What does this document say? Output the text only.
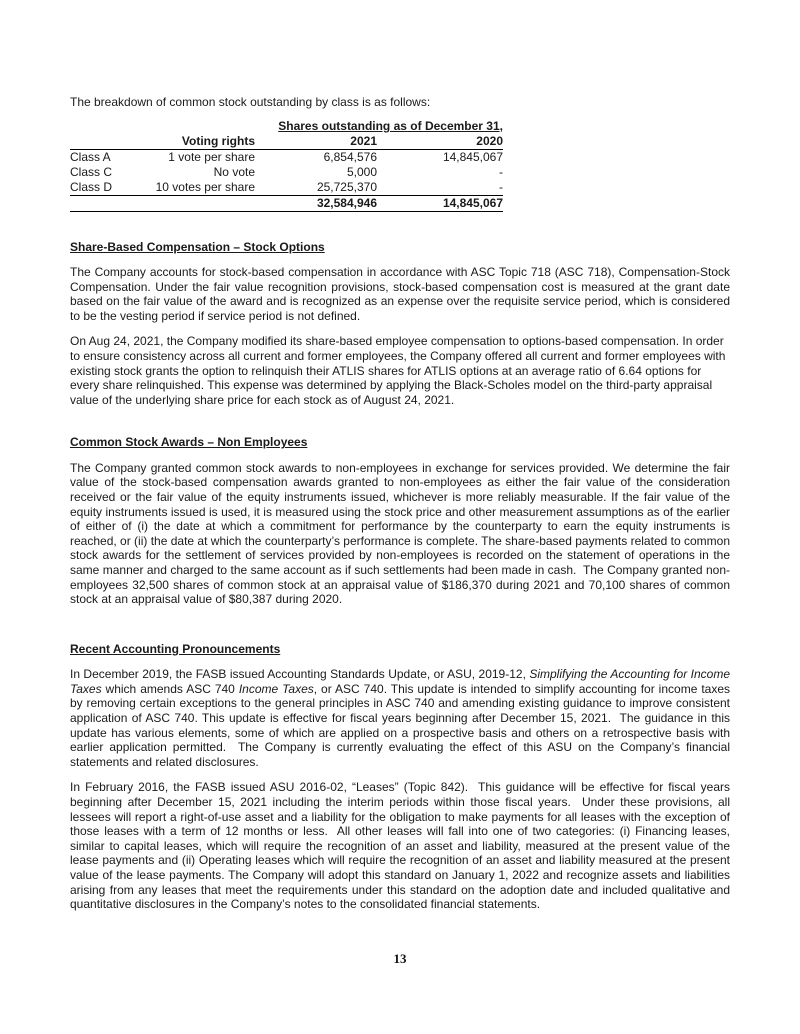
The breakdown of common stock outstanding by class is as follows:

		Shares outstanding as of December 31,	
	Voting rights	2021	2020
Class A	1 vote per share	6,854,576	14,845,067
Class C	No vote	5,000	-
Class D	10 votes per share	25,725,370	-
		32,584,946	14,845,067
Share-Based Compensation – Stock Options

The Company accounts for stock-based compensation in accordance with ASC Topic 718 (ASC 718), Compensation-Stock Compensation. Under the fair value recognition provisions, stock-based compensation cost is measured at the grant date based on the fair value of the award and is recognized as an expense over the requisite service period, which is considered to be the vesting period if service period is not defined.

On Aug 24, 2021, the Company modified its share-based employee compensation to options-based compensation. In order to ensure consistency across all current and former employees, the Company offered all current and former employees with existing stock grants the option to relinquish their ATLIS shares for ATLIS options at an average ratio of 6.64 options for every share relinquished. This expense was determined by applying the Black-Scholes model on the third-party appraisal value of the underlying share price for each stock as of August 24, 2021.

Common Stock Awards – Non Employees

The Company granted common stock awards to non-employees in exchange for services provided. We determine the fair value of the stock-based compensation awards granted to non-employees as either the fair value of the consideration received or the fair value of the equity instruments issued, whichever is more reliably measurable. If the fair value of the equity instruments issued is used, it is measured using the stock price and other measurement assumptions as of the earlier of either of (i) the date at which a commitment for performance by the counterparty to earn the equity instruments is reached, or (ii) the date at which the counterparty’s performance is complete. The share-based payments related to common stock awards for the settlement of services provided by non-employees is recorded on the statement of operations in the same manner and charged to the same account as if such settlements had been made in cash.  The Company granted non-employees 32,500 shares of common stock at an appraisal value of $186,370 during 2021 and 70,100 shares of common stock at an appraisal value of $80,387 during 2020.

Recent Accounting Pronouncements

In December 2019, the FASB issued Accounting Standards Update, or ASU, 2019-12, Simplifying the Accounting for Income Taxes which amends ASC 740 Income Taxes, or ASC 740. This update is intended to simplify accounting for income taxes by removing certain exceptions to the general principles in ASC 740 and amending existing guidance to improve consistent application of ASC 740. This update is effective for fiscal years beginning after December 15, 2021.  The guidance in this update has various elements, some of which are applied on a prospective basis and others on a retrospective basis with earlier application permitted.  The Company is currently evaluating the effect of this ASU on the Company’s financial statements and related disclosures.

In February 2016, the FASB issued ASU 2016-02, “Leases” (Topic 842).  This guidance will be effective for fiscal years beginning after December 15, 2021 including the interim periods within those fiscal years.  Under these provisions, all lessees will report a right-of-use asset and a liability for the obligation to make payments for all leases with the exception of those leases with a term of 12 months or less.  All other leases will fall into one of two categories: (i) Financing leases, similar to capital leases, which will require the recognition of an asset and liability, measured at the present value of the lease payments and (ii) Operating leases which will require the recognition of an asset and liability measured at the present value of the lease payments. The Company will adopt this standard on January 1, 2022 and recognize assets and liabilities arising from any leases that meet the requirements under this standard on the adoption date and included qualitative and quantitative disclosures in the Company’s notes to the consolidated financial statements.

13
